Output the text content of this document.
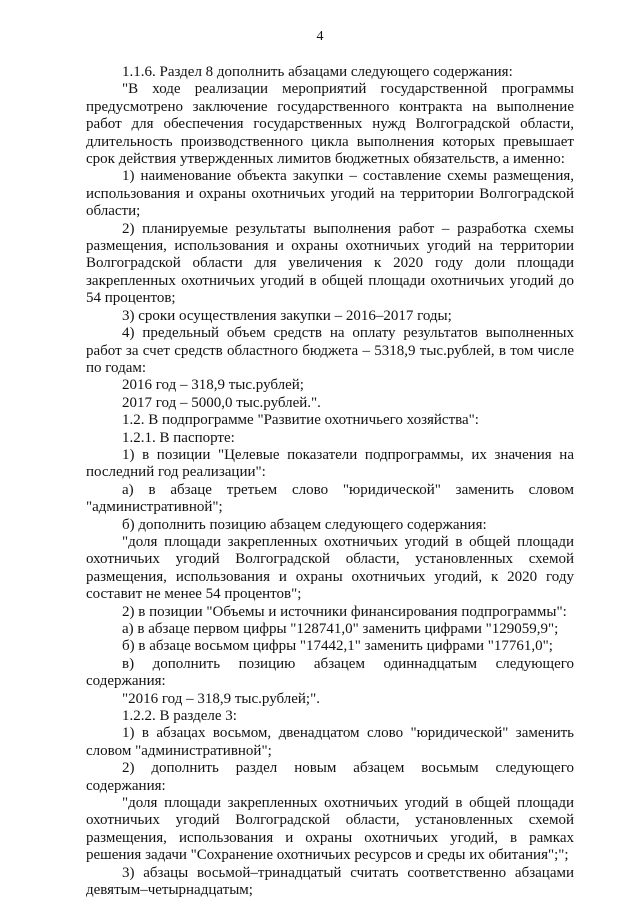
4

1.1.6. Раздел 8 дополнить абзацами следующего содержания:

"В ходе реализации мероприятий государственной программы предусмотрено заключение государственного контракта на выполнение работ для обеспечения государственных нужд Волгоградской области, длительность производственного цикла выполнения которых превышает срок действия утвержденных лимитов бюджетных обязательств, а именно:

1) наименование объекта закупки – составление схемы размещения, использования и охраны охотничьих угодий на территории Волгоградской области;

2) планируемые результаты выполнения работ – разработка схемы размещения, использования и охраны охотничьих угодий на территории Волгоградской области для увеличения к 2020 году доли площади закрепленных охотничьих угодий в общей площади охотничьих угодий до 54 процентов;

3) сроки осуществления закупки – 2016–2017 годы;

4) предельный объем средств на оплату результатов выполненных работ за счет средств областного бюджета – 5318,9 тыс.рублей, в том числе по годам:

2016 год – 318,9 тыс.рублей;

2017 год – 5000,0 тыс.рублей.".

1.2. В подпрограмме "Развитие охотничьего хозяйства":

1.2.1. В паспорте:

1) в позиции "Целевые показатели подпрограммы, их значения на последний год реализации":

а) в абзаце третьем слово "юридической" заменить словом "административной";

б) дополнить позицию абзацем следующего содержания:

"доля площади закрепленных охотничьих угодий в общей площади охотничьих угодий Волгоградской области, установленных схемой размещения, использования и охраны охотничьих угодий, к 2020 году составит не менее 54 процентов";

2) в позиции "Объемы и источники финансирования подпрограммы":

а) в абзаце первом цифры "128741,0" заменить цифрами "129059,9";

б) в абзаце восьмом цифры "17442,1" заменить цифрами "17761,0";

в) дополнить позицию абзацем одиннадцатым следующего содержания:

"2016 год – 318,9 тыс.рублей;".

1.2.2. В разделе 3:

1) в абзацах восьмом, двенадцатом слово "юридической" заменить словом "административной";

2) дополнить раздел новым абзацем восьмым следующего содержания:

"доля площади закрепленных охотничьих угодий в общей площади охотничьих угодий Волгоградской области, установленных схемой размещения, использования и охраны охотничьих угодий, в рамках решения задачи "Сохранение охотничьих ресурсов и среды их обитания";";

3) абзацы восьмой–тринадцатый считать соответственно абзацами девятым–четырнадцатым;
